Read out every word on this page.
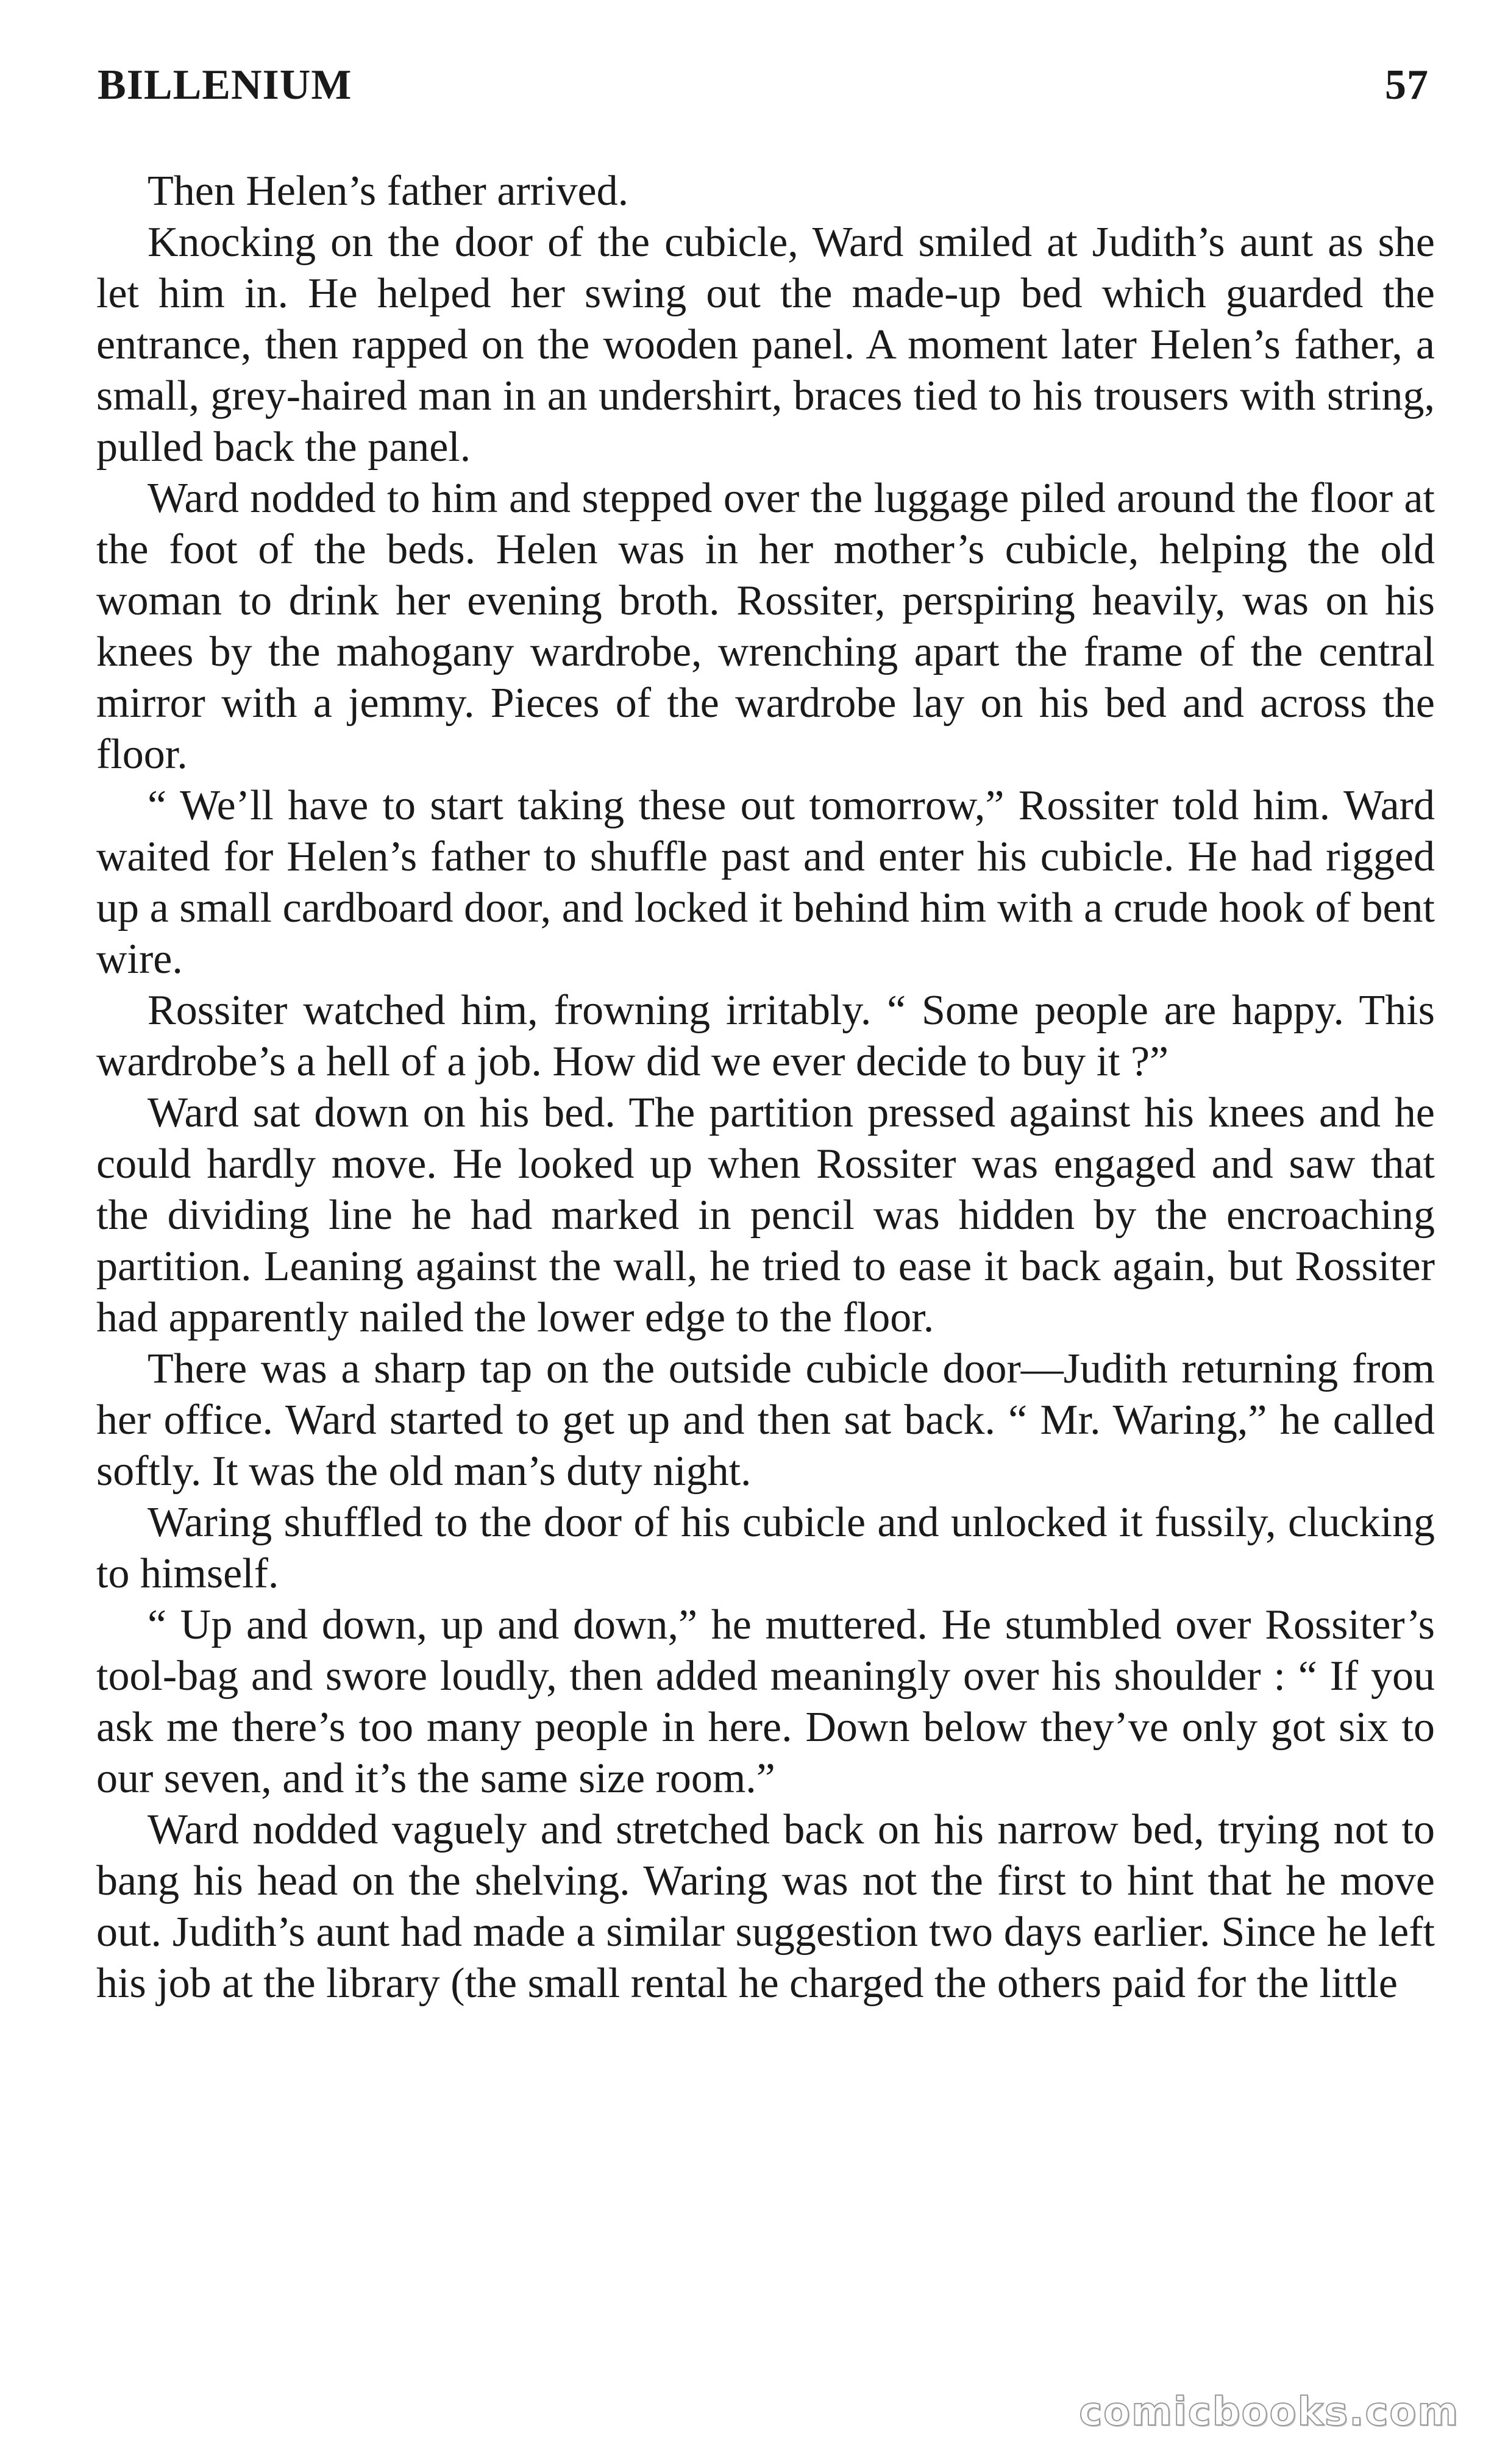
BILLENIUM	57

Then Helen’s father arrived.

Knocking on the door of the cubicle, Ward smiled at Judith’s aunt as she let him in. He helped her swing out the made-up bed which guarded the entrance, then rapped on the wooden panel. A moment later Helen’s father, a small, grey-haired man in an undershirt, braces tied to his trousers with string, pulled back the panel.

Ward nodded to him and stepped over the luggage piled around the floor at the foot of the beds. Helen was in her mother’s cubicle, helping the old woman to drink her evening broth. Rossiter, perspiring heavily, was on his knees by the mahogany wardrobe, wrenching apart the frame of the central mirror with a jemmy. Pieces of the wardrobe lay on his bed and across the floor.

“ We’ll have to start taking these out tomorrow,” Rossiter told him. Ward waited for Helen’s father to shuffle past and enter his cubicle. He had rigged up a small cardboard door, and locked it behind him with a crude hook of bent wire.

Rossiter watched him, frowning irritably. “ Some people are happy. This wardrobe’s a hell of a job. How did we ever decide to buy it ?”

Ward sat down on his bed. The partition pressed against his knees and he could hardly move. He looked up when Rossiter was engaged and saw that the dividing line he had marked in pencil was hidden by the encroaching partition. Leaning against the wall, he tried to ease it back again, but Rossiter had apparently nailed the lower edge to the floor.

There was a sharp tap on the outside cubicle door—Judith returning from her office. Ward started to get up and then sat back. “ Mr. Waring,” he called softly. It was the old man’s duty night.

Waring shuffled to the door of his cubicle and unlocked it fussily, clucking to himself.

“ Up and down, up and down,” he muttered. He stumbled over Rossiter’s tool-bag and swore loudly, then added meaningly over his shoulder : “ If you ask me there’s too many people in here. Down below they’ve only got six to our seven, and it’s the same size room.”

Ward nodded vaguely and stretched back on his narrow bed, trying not to bang his head on the shelving. Waring was not the first to hint that he move out. Judith’s aunt had made a similar suggestion two days earlier. Since he left his job at the library (the small rental he charged the others paid for the little

comicbooks.com
